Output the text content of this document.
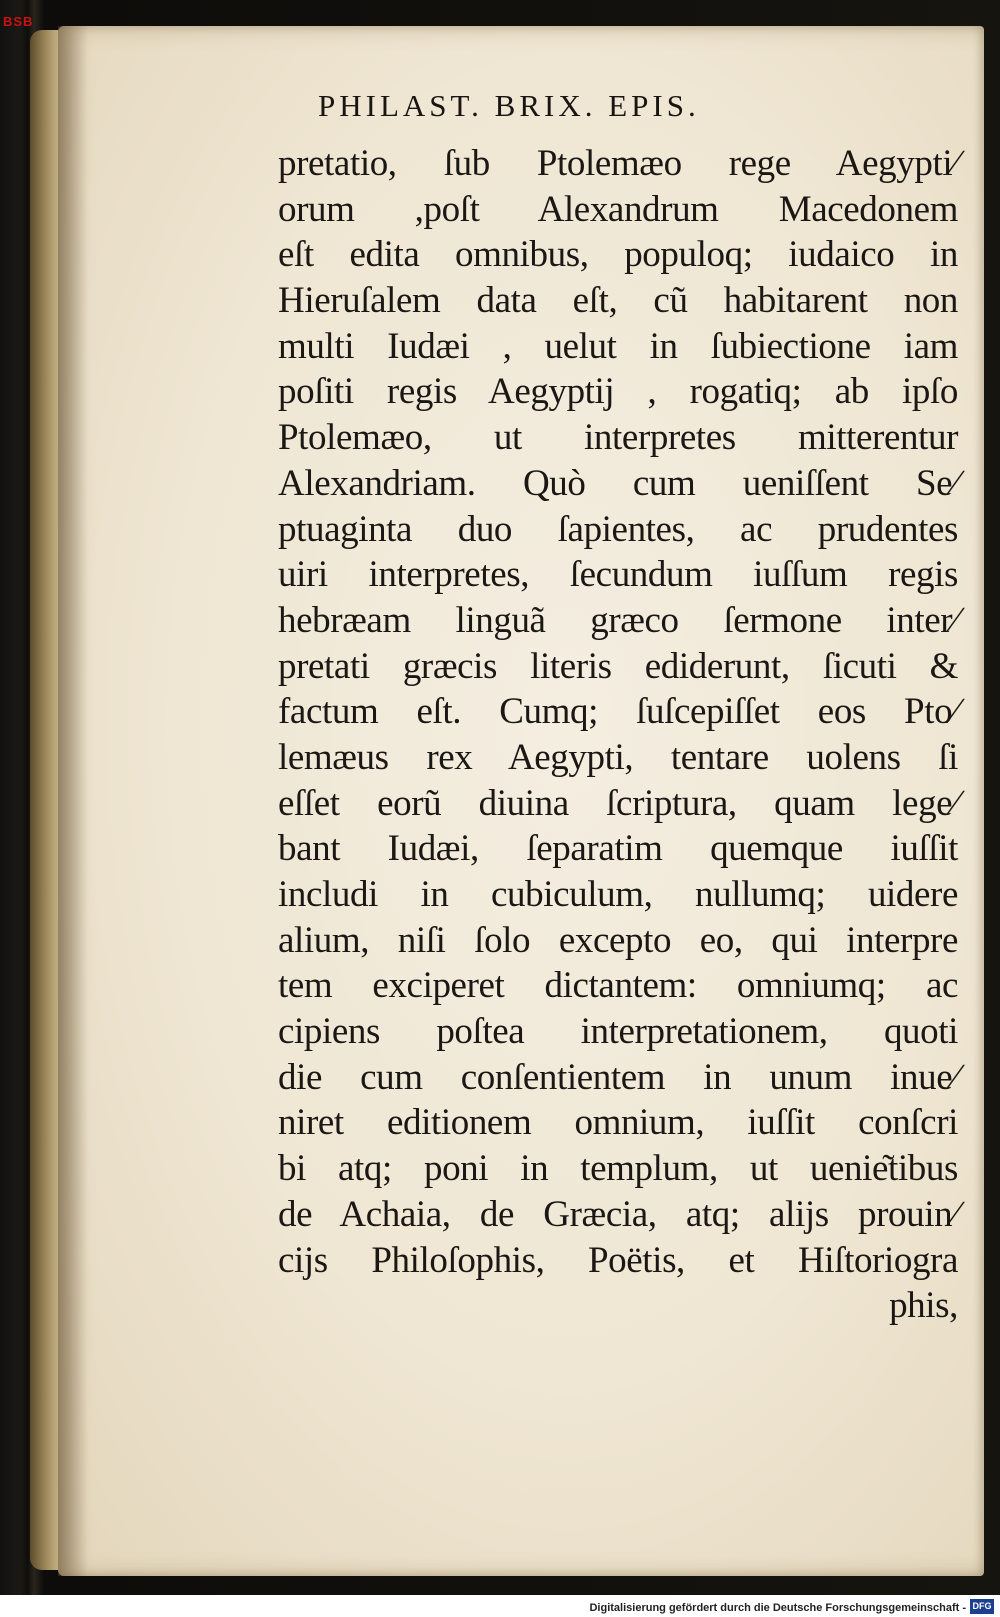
BSB
PHILAST. BRIX. EPIS.
pretatio, ſub Ptolemæo rege Aegypti∕
orum ,poſt Alexandrum Macedonem
eſt edita omnibus, populoq; iudaico in
Hieruſalem data eſt, cũ habitarent non
multi Iudæi , uelut in ſubiectione iam
poſiti regis Aegyptij , rogatiq; ab ipſo
Ptolemæo, ut interpretes mitterentur
Alexandriam. Quò cum ueniſſent Se∕
ptuaginta duo ſapientes, ac prudentes
uiri interpretes, ſecundum iuſſum regis
hebræam linguã græco ſermone inter∕
pretati græcis literis ediderunt, ſicuti &
factum eſt. Cumq; ſuſcepiſſet eos Pto∕
lemæus rex Aegypti, tentare uolens ſi
eſſet eorũ diuina ſcriptura, quam lege∕
bant Iudæi, ſeparatim quemque iuſſit
includi in cubiculum, nullumq; uidere
alium, niſi ſolo excepto eo, qui interpre
tem exciperet dictantem: omniumq; ac
cipiens poſtea interpretationem, quoti
die cum conſentientem in unum inue∕
niret editionem omnium, iuſſit conſcri
bi atq; poni in templum, ut uenie͂tibus
de Achaia, de Græcia, atq; alijs prouin∕
cijs Philoſophis, Poëtis, et Hiſtoriogra
phis,
Digitalisierung gefördert durch die Deutsche Forschungsgemeinschaft - DFG
